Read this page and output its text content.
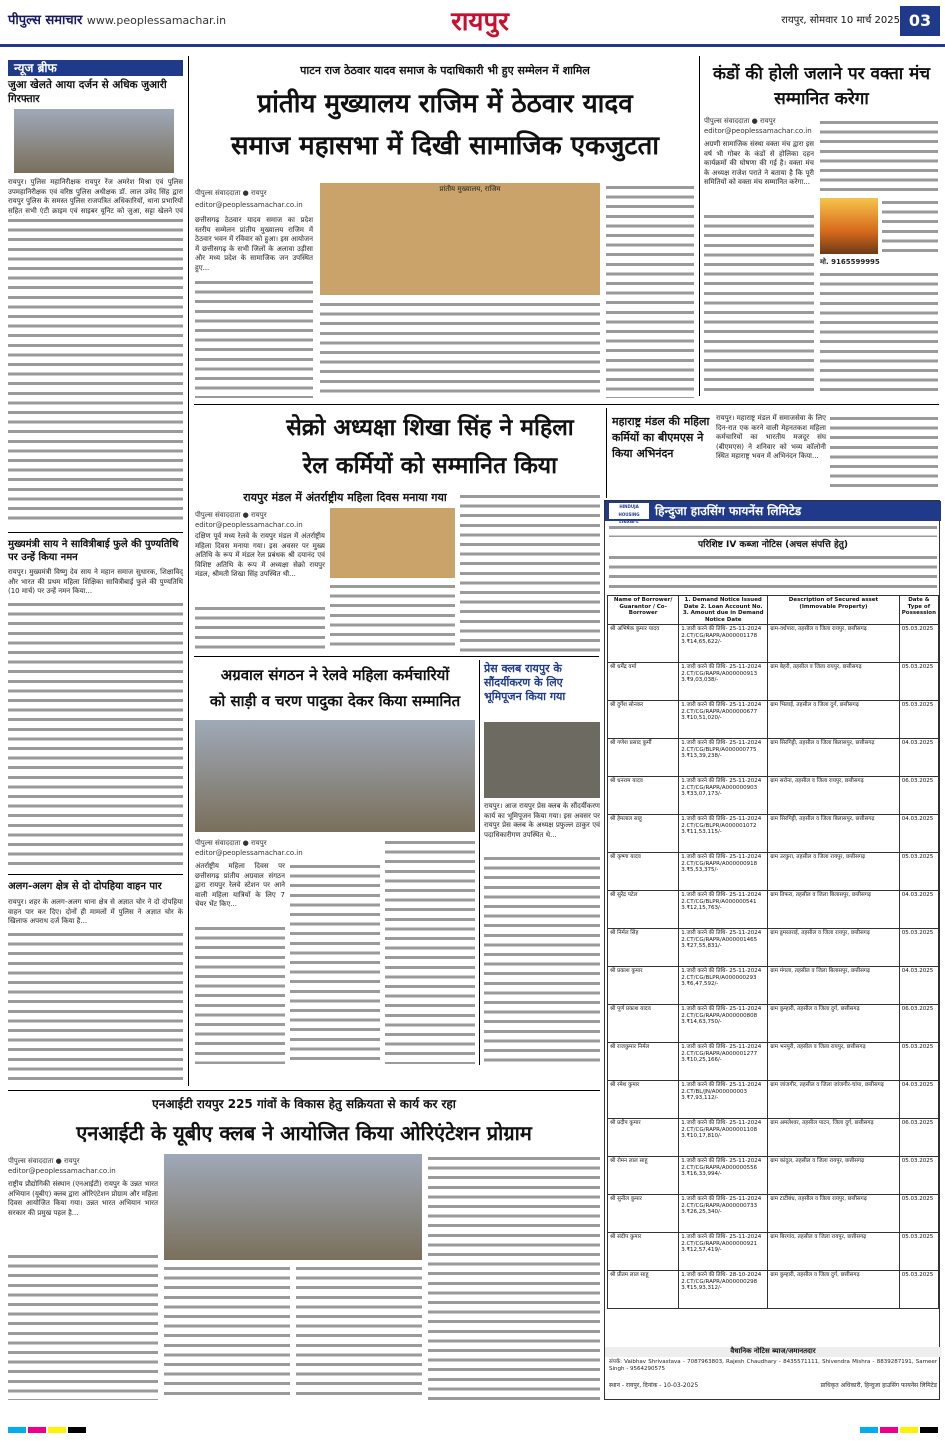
पीपुल्स समाचार www.peoplessamachar.in	रायपुर	रायपुर, सोमवार 10 मार्च 2025 03
न्यूज ब्रीफ
जुआ खेलते आया दर्जन से अधिक जुआरी गिरफ्तार
रायपुर। पुलिस महानिरीक्षक रायपुर रेंज अमरेश मिश्रा एवं पुलिस उपमहानिरीक्षक एवं वरिष्ठ पुलिस अधीक्षक डॉ. लाल उमेद सिंह द्वारा रायपुर पुलिस के समस्त पुलिस राजपत्रित अधिकारियों, थाना प्रभारियों सहित सभी एंटी क्राइम एवं साइबर यूनिट को जुआ, सट्टा खेलने एवं
मुख्यमंत्री साय ने सावित्रीबाई फुले की पुण्यतिथि पर उन्हें किया नमन
रायपुर। मुख्यमंत्री विष्णु देव साय ने महान समाज सुधारक, शिक्षाविद् और भारत की प्रथम महिला शिक्षिका सावित्रीबाई फुले की पुण्यतिथि (10 मार्च) पर उन्हें नमन किया...
अलग-अलग क्षेत्र से दो दोपहिया वाहन पार
रायपुर। शहर के अलग-अलग थाना क्षेत्र से अज्ञात चोर ने दो दोपहिया वाहन पार कर दिए। दोनों ही मामलों में पुलिस ने अज्ञात चोर के खिलाफ अपराध दर्ज किया है...
पाटन राज ठेठवार यादव समाज के पदाधिकारी भी हुए सम्मेलन में शामिल
प्रांतीय मुख्यालय राजिम में ठेठवार यादव
समाज महासभा में दिखी सामाजिक एकजुटता
पीपुल्स संवाददाता ● रायपुर
editor@peoplessamachar.co.in
छत्तीसगढ़ ठेठवार यादव समाज का प्रदेश स्तरीय सम्मेलन प्रांतीय मुख्यालय राजिम में ठेठवार भवन में रविवार को हुआ। इस आयोजन में छत्तीसगढ़ के सभी जिलों के अलावा उड़ीसा और मध्य प्रदेश के सामाजिक जन उपस्थित हुए...
प्रांतीय मुख्यालय, राजिम
कंडों की होली जलाने पर वक्ता मंच सम्मानित करेगा
पीपुल्स संवाददाता ● रायपुर
editor@peoplessamachar.co.in
अग्रणी सामाजिक संस्था वक्ता मंच द्वारा इस वर्ष भी गोबर के कंडों से होलिका दहन कार्यक्रमों की घोषणा की गई है। वक्ता मंच के अध्यक्ष राजेश पराते ने बताया है कि पूरी समितियों को वक्ता मंच सम्मानित करेगा...
मो. 9165599995
सेक्रो अध्यक्षा शिखा सिंह ने महिला
रेल कर्मियों को सम्मानित किया
रायपुर मंडल में अंतर्राष्ट्रीय महिला दिवस मनाया गया
पीपुल्स संवाददाता ● रायपुर
editor@peoplessamachar.co.in
दक्षिण पूर्व मध्य रेलवे के रायपुर मंडल में अंतर्राष्ट्रीय महिला दिवस मनाया गया। इस अवसर पर मुख्य अतिथि के रूप में मंडल रेल प्रबंधक श्री दयानंद एवं विशिष्ट अतिथि के रूप में अध्यक्षा सेक्रो रायपुर मंडल, श्रीमती शिखा सिंह उपस्थित थी...
महाराष्ट्र मंडल की महिला कर्मियों का बीएमएस ने किया अभिनंदन
रायपुर। महाराष्ट्र मंडल में समाजसेवा के लिए दिन-रात एक करने वाली मेहनतकश महिला कर्मचारियों का भारतीय मजदूर संघ (बीएमएस) ने शनिवार को भव्य कॉलोनी स्थित महाराष्ट्र भवन में अभिनंदन किया...
HINDUJA HOUSING	हिन्दुजा हाउसिंग फायनेंस लिमिटेड
परिशिष्ट IV कब्जा नोटिस (अचल संपत्ति हेतु)
Name of Borrower/ Guarantor / Co-Borrower	1. Demand Notice Issued Date 2. Loan Account No. 3. Amount due in Demand Notice Date	Description of Secured asset (Immovable Property)	Date & Type of Possession
श्री अभिषेक कुमार यादव	1.जारी करने की तिथि- 25-11-2024 2.CT/CG/RAPR/A000001178 3.₹14,65,622/-	ग्राम-वर्धपारा, तहसील व जिला रायपुर, छत्तीसगढ़	05.03.2025
श्री धर्मेंद्र वर्मा	1.जारी करने की तिथि- 25-11-2024 2.CT/CG/RAPR/A000000913 3.₹9,03,038/-	ग्राम बेहरी, तहसील व जिला रायपुर, छत्तीसगढ़	05.03.2025
श्री दुर्गेश सोनकर	1.जारी करने की तिथि- 25-11-2024 2.CT/CG/RAPR/A000000677 3.₹10,51,020/-	ग्राम भिलाई, तहसील व जिला दुर्ग, छत्तीसगढ़	05.03.2025
श्री गणेश प्रसाद कुर्मी	1.जारी करने की तिथि- 25-11-2024 2.CT/CG/BLPR/A000000775 3.₹13,39,238/-	ग्राम सिरगिट्टी, तहसील व जिला बिलासपुर, छत्तीसगढ़	04.03.2025
श्री धनराम यादव	1.जारी करने की तिथि- 25-11-2024 2.CT/CG/RAPR/A000000903 3.₹33,07,173/-	ग्राम सरोना, तहसील व जिला रायपुर, छत्तीसगढ़	06.03.2025
श्री हेमलाल साहू	1.जारी करने की तिथि- 25-11-2024 2.CT/CG/BLPR/A000001072 3.₹11,53,115/-	ग्राम सिरगिट्टी, तहसील व जिला बिलासपुर, छत्तीसगढ़	04.03.2025
श्री कृष्णा यादव	1.जारी करने की तिथि- 25-11-2024 2.CT/CG/RAPR/A000000918 3.₹5,53,375/-	ग्राम उरकुरा, तहसील व जिला रायपुर, छत्तीसगढ़	05.03.2025
श्री सुरेंद्र पटेल	1.जारी करने की तिथि- 25-11-2024 2.CT/CG/BLPR/A000000541 3.₹12,15,763/-	ग्राम तिफरा, तहसील व जिला बिलासपुर, छत्तीसगढ़	04.03.2025
श्री निर्मल सिंह	1.जारी करने की तिथि- 25-11-2024 2.CT/CG/RAPR/A000001465 3.₹27,55,831/-	ग्राम डूमरतराई, तहसील व जिला रायपुर, छत्तीसगढ़	05.03.2025
श्री प्रकाश कुमार	1.जारी करने की तिथि- 25-11-2024 2.CT/CG/BLPR/A000000293 3.₹6,47,592/-	ग्राम मंगला, तहसील व जिला बिलासपुर, छत्तीसगढ़	04.03.2025
श्री पूर्ण प्रकाश यादव	1.जारी करने की तिथि- 25-11-2024 2.CT/CG/RAPR/A000000808 3.₹14,63,750/-	ग्राम कुम्हारी, तहसील व जिला दुर्ग, छत्तीसगढ़	06.03.2025
श्री राजकुमार निर्मल	1.जारी करने की तिथि- 25-11-2024 2.CT/CG/RAPR/A000001277 3.₹10,25,166/-	ग्राम भनपुरी, तहसील व जिला रायपुर, छत्तीसगढ़	05.03.2025
श्री रमेश कुमार	1.जारी करने की तिथि- 25-11-2024 2.CT/BL/JN/A000000003 3.₹7,93,112/-	ग्राम जांजगीर, तहसील व जिला जांजगीर-चांपा, छत्तीसगढ़	04.03.2025
श्री प्रदीप कुमार	1.जारी करने की तिथि- 25-11-2024 2.CT/CG/RAPR/A000001108 3.₹10,17,810/-	ग्राम अमलेश्वर, तहसील पाटन, जिला दुर्ग, छत्तीसगढ़	06.03.2025
श्री रोमन लाल साहू	1.जारी करने की तिथि- 25-11-2024 2.CT/CG/RAPR/A000000556 3.₹16,33,994/-	ग्राम कांदुल, तहसील व जिला रायपुर, छत्तीसगढ़	05.03.2025
श्री सुनील कुमार	1.जारी करने की तिथि- 25-11-2024 2.CT/CG/RAPR/A000000733 3.₹26,25,340/-	ग्राम टाटीबंध, तहसील व जिला रायपुर, छत्तीसगढ़	05.03.2025
श्री संदीप कुमार	1.जारी करने की तिथि- 25-11-2024 2.CT/CG/RAPR/A000000921 3.₹12,57,419/-	ग्राम बिरगांव, तहसील व जिला रायपुर, छत्तीसगढ़	05.03.2025
श्री प्रीतम लाल साहू	1.जारी करने की तिथि- 28-10-2024 2.CT/CG/RAPR/A000000298 3.₹15,93,312/-	ग्राम कुम्हारी, तहसील व जिला दुर्ग, छत्तीसगढ़	05.03.2025
वैधानिक नोटिस ब्याज/जमानतदार
संपर्क: Vaibhav Shrivastava - 7087963803, Rajesh Chaudhary - 8435571111, Shivendra Mishra - 8839287191, Sameer Singh - 9564290575
स्थान - रायपुर, दिनांक - 10-03-2025	प्राधिकृत अधिकारी, हिन्दुजा हाउसिंग फायनेंस लिमिटेड
अग्रवाल संगठन ने रेलवे महिला कर्मचारियों
को साड़ी व चरण पादुका देकर किया सम्मानित
पीपुल्स संवाददाता ● रायपुर
editor@peoplessamachar.co.in
अंतर्राष्ट्रीय महिला दिवस पर छत्तीसगढ़ प्रांतीय अग्रवाल संगठन द्वारा रायपुर रेलवे स्टेशन पर आने वाली महिला यात्रियों के लिए 7 चेयर भेंट किए...
प्रेस क्लब रायपुर के सौंदर्यीकरण के लिए भूमिपूजन किया गया
रायपुर। आज रायपुर प्रेस क्लब के सौंदर्यीकरण कार्य का भूमिपूजन किया गया। इस अवसर पर रायपुर प्रेस क्लब के अध्यक्ष प्रफुल्ल ठाकुर एवं पदाधिकारीगण उपस्थित थे...
एनआईटी रायपुर 225 गांवों के विकास हेतु सक्रियता से कार्य कर रहा
एनआईटी के यूबीए क्लब ने आयोजित किया ओरिएंटेशन प्रोग्राम
पीपुल्स संवाददाता ● रायपुर
editor@peoplessamachar.co.in
राष्ट्रीय प्रौद्योगिकी संस्थान (एनआईटी) रायपुर के उन्नत भारत अभियान (यूबीए) क्लब द्वारा ओरिएंटेशन प्रोग्राम और महिला दिवस आयोजित किया गया। उन्नत भारत अभियान भारत सरकार की प्रमुख पहल है...
